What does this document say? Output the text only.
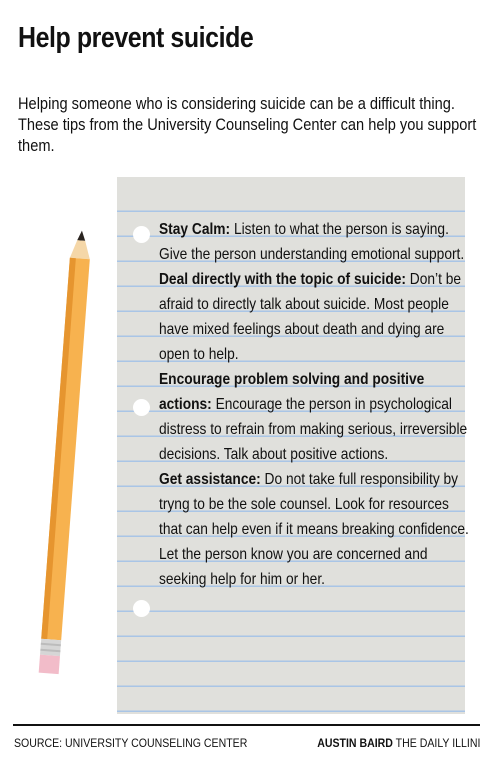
Help prevent suicide

Helping someone who is considering suicide can be a difficult thing. These tips from the University Counseling Center can help you support them.

Stay Calm: Listen to what the person is saying. Give the person understanding emotional support.

Deal directly with the topic of suicide: Don’t be afraid to directly talk about suicide. Most people have mixed feelings about death and dying are open to help.

Encourage problem solving and positive actions: Encourage the person in psychological distress to refrain from making serious, irreversible decisions. Talk about positive actions.

Get assistance: Do not take full responsibility by tryng to be the sole counsel. Look for resources that can help even if it means breaking confidence. Let the person know you are concerned and seeking help for him or her.

SOURCE: UNIVERSITY COUNSELING CENTER	AUSTIN BAIRD THE DAILY ILLINI
